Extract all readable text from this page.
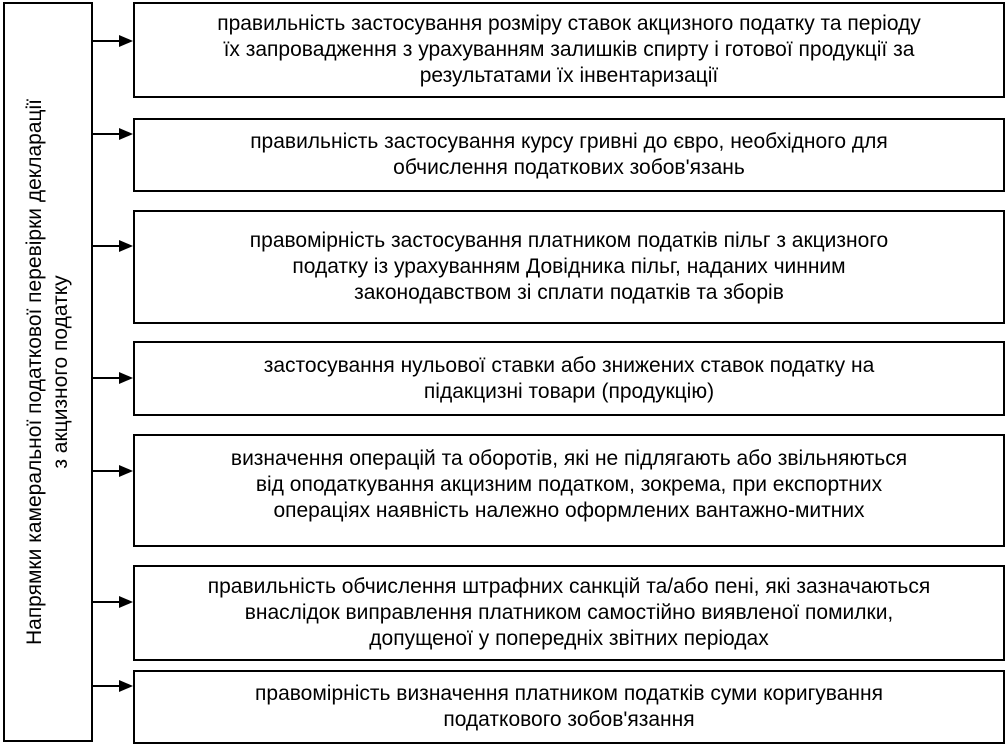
Напрямки камеральної податкової перевірки декларації
з акцизного податку
правильність застосування розміру ставок акцизного податку та періоду
їх запровадження з урахуванням залишків спирту і готової продукції за
результатами їх інвентаризації
правильність застосування курсу гривні до євро, необхідного для
обчислення податкових зобов'язань
правомірність застосування платником податків пільг з акцизного
податку із урахуванням Довідника пільг, наданих чинним
законодавством зі сплати податків та зборів
застосування нульової ставки або знижених ставок податку на
підакцизні товари (продукцію)
визначення операцій та оборотів, які не підлягають або звільняються
від оподаткування акцизним податком, зокрема, при експортних
операціях наявність належно оформлених вантажно-митних
правильність обчислення штрафних санкцій та/або пені, які зазначаються
внаслідок виправлення платником самостійно виявленої помилки,
допущеної у попередніх звітних періодах
правомірність визначення платником податків суми коригування
податкового зобов'язання
